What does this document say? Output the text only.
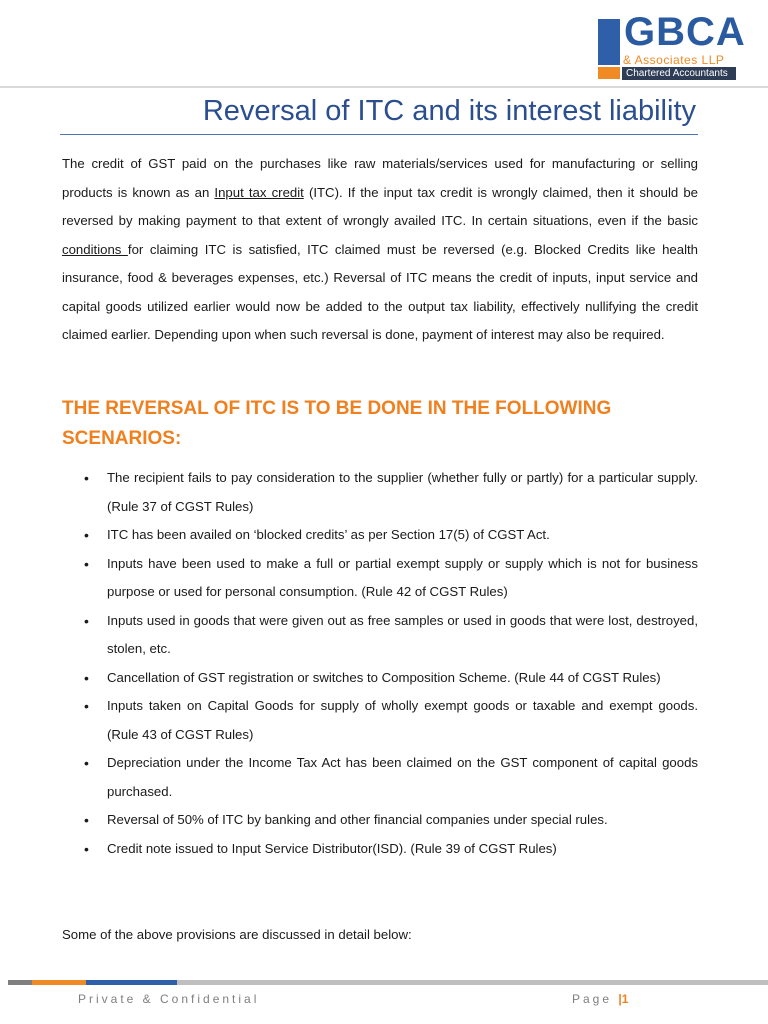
GBCA
& Associates LLP
Chartered Accountants
Reversal of ITC and its interest liability

The credit of GST paid on the purchases like raw materials/services used for manufacturing or selling products is known as an Input tax credit (ITC). If the input tax credit is wrongly claimed, then it should be reversed by making payment to that extent of wrongly availed ITC. In certain situations, even if the basic conditions for claiming ITC is satisfied, ITC claimed must be reversed (e.g. Blocked Credits like health insurance, food & beverages expenses, etc.) Reversal of ITC means the credit of inputs, input service and capital goods utilized earlier would now be added to the output tax liability, effectively nullifying the credit claimed earlier. Depending upon when such reversal is done, payment of interest may also be required.

THE REVERSAL OF ITC IS TO BE DONE IN THE FOLLOWING SCENARIOS:
• The recipient fails to pay consideration to the supplier (whether fully or partly) for a particular supply. (Rule 37 of CGST Rules)
• ITC has been availed on ‘blocked credits’ as per Section 17(5) of CGST Act.
• Inputs have been used to make a full or partial exempt supply or supply which is not for business purpose or used for personal consumption. (Rule 42 of CGST Rules)
• Inputs used in goods that were given out as free samples or used in goods that were lost, destroyed, stolen, etc.
• Cancellation of GST registration or switches to Composition Scheme. (Rule 44 of CGST Rules)
• Inputs taken on Capital Goods for supply of wholly exempt goods or taxable and exempt goods. (Rule 43 of CGST Rules)
• Depreciation under the Income Tax Act has been claimed on the GST component of capital goods purchased.
• Reversal of 50% of ITC by banking and other financial companies under special rules.
• Credit note issued to Input Service Distributor(ISD). (Rule 39 of CGST Rules)

Some of the above provisions are discussed in detail below:

Private & Confidential	Page |1
